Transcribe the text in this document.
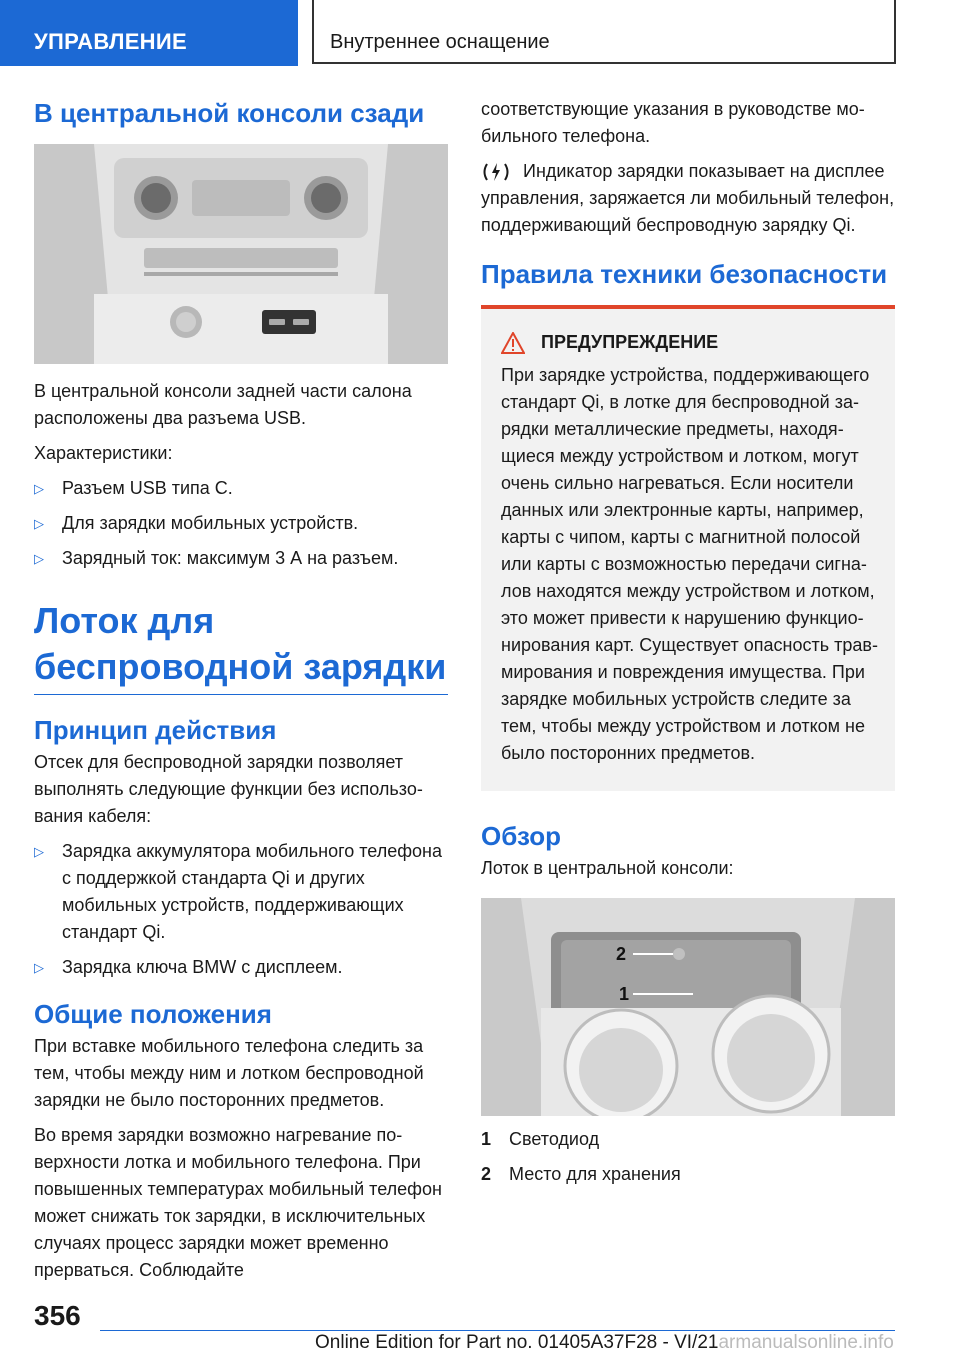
УПРАВЛЕНИЕ	Внутреннее оснащение
В центральной консоли сзади

В центральной консоли задней части салона расположены два разъема USB.

Характеристики:

▷ Разъем USB типа C.
▷ Для зарядки мобильных устройств.
▷ Зарядный ток: максимум 3 А на разъем.
Лоток для беспроводной зарядки
Принцип действия

Отсек для беспроводной зарядки позволяет выполнять следующие функции без использования кабеля:

▷ Зарядка аккумулятора мобильного телефона с поддержкой стандарта Qi и других мобильных устройств, поддерживающих стандарт Qi.
▷ Зарядка ключа BMW с дисплеем.
Общие положения

При вставке мобильного телефона следить за тем, чтобы между ним и лотком беспроводной зарядки не было посторонних предметов.

Во время зарядки возможно нагревание поверхности лотка и мобильного телефона. При повышенных температурах мобильный телефон может снижать ток зарядки, в исключительных случаях процесс зарядки может временно прерваться. Соблюдайте

соответствующие указания в руководстве мобильного телефона.

Индикатор зарядки показывает на дисплее управления, заряжается ли мобильный телефон, поддерживающий беспроводную зарядку Qi.

Правила техники безопасности
ПРЕДУПРЕЖДЕНИЕ
При зарядке устройства, поддерживающего стандарт Qi, в лотке для беспроводной зарядки металлические предметы, находящиеся между устройством и лотком, могут очень сильно нагреваться. Если носители данных или электронные карты, например, карты с чипом, карты с магнитной полосой или карты с возможностью передачи сигналов находятся между устройством и лотком, это может привести к нарушению функционирования карт. Существует опасность травмирования и повреждения имущества. При зарядке мобильных устройств следите за тем, чтобы между устройством и лотком не было посторонних предметов.
Обзор

Лоток в центральной консоли:

2
1
1 Светодиод
2 Место для хранения
356
Online Edition for Part no. 01405A37F28 - VI/21armanualsonline.info
